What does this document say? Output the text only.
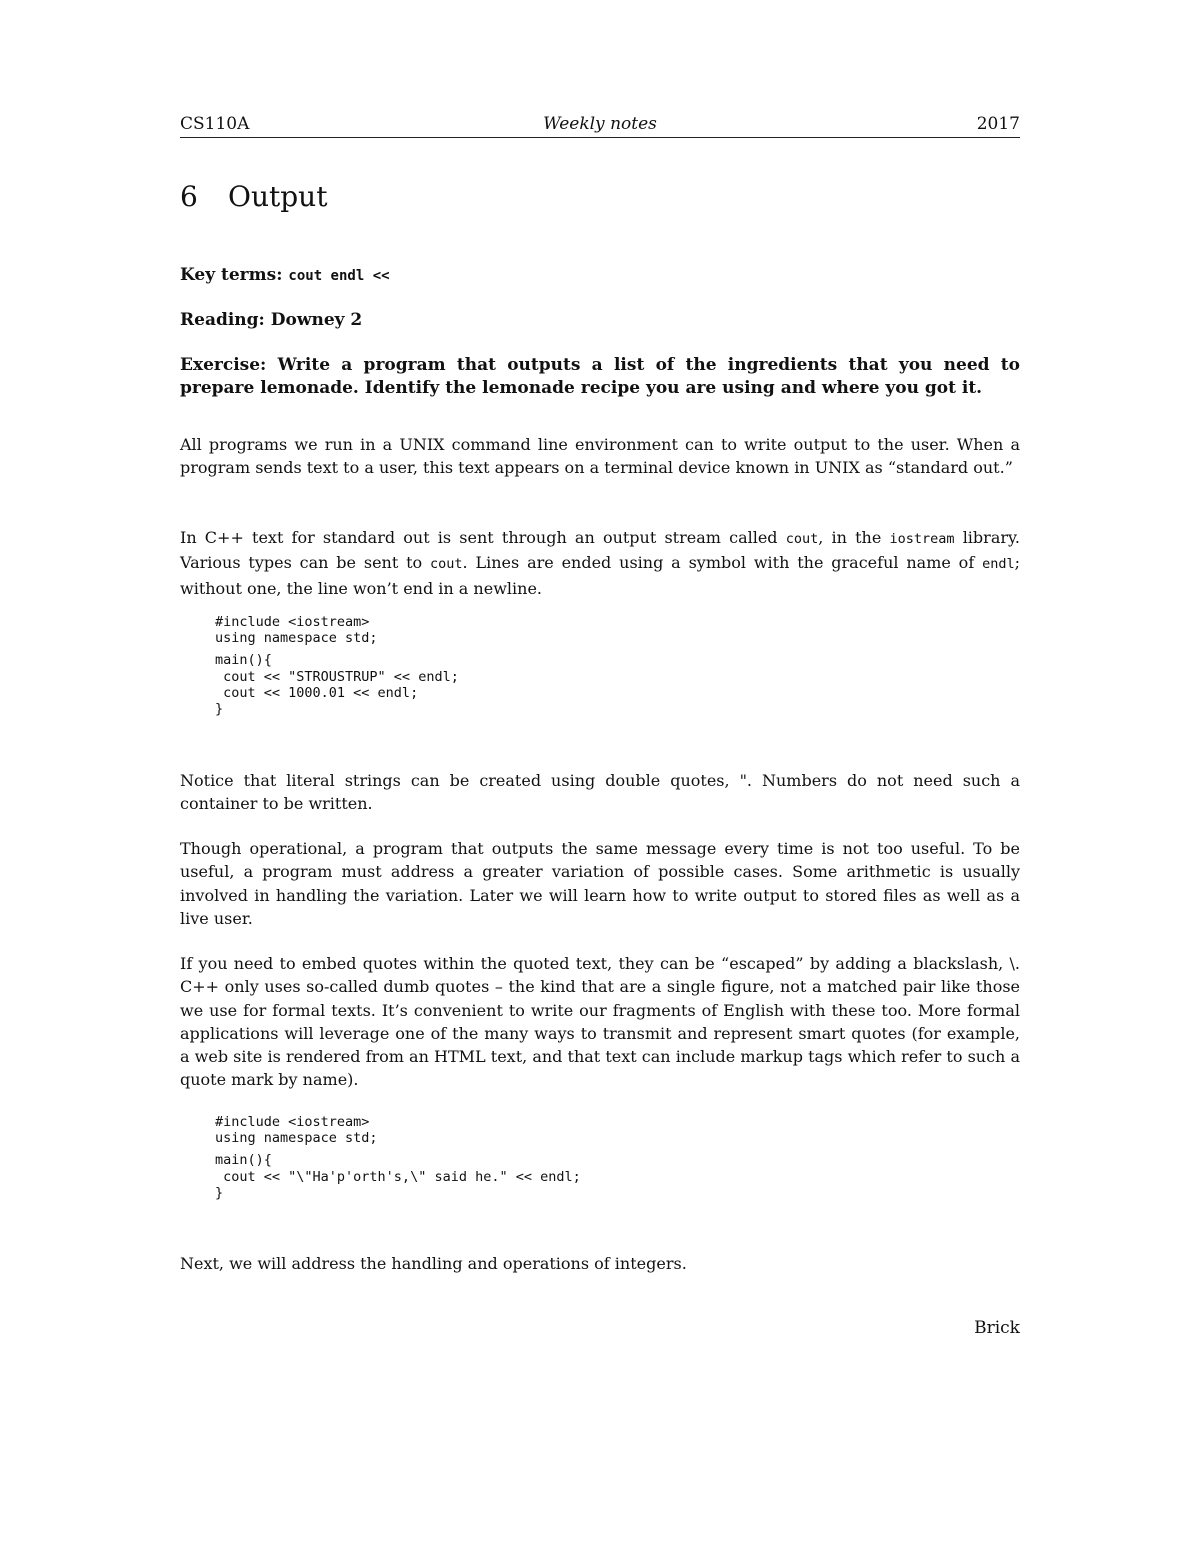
CS110A	Weekly notes	2017
6 Output

Key terms: cout endl <<

Reading: Downey 2

Exercise: Write a program that outputs a list of the ingredients that you need to prepare lemonade. Identify the lemonade recipe you are using and where you got it.

All programs we run in a UNIX command line environment can to write output to the user. When a program sends text to a user, this text appears on a terminal device known in UNIX as “standard out.”

In C++ text for standard out is sent through an output stream called cout, in the iostream library. Various types can be sent to cout. Lines are ended using a symbol with the graceful name of endl; without one, the line won’t end in a newline.

#include <iostream>
using namespace std;

main(){
cout << "STROUSTRUP" << endl;
cout << 1000.01 << endl;
}

Notice that literal strings can be created using double quotes, ". Numbers do not need such a container to be written.

Though operational, a program that outputs the same message every time is not too useful. To be useful, a program must address a greater variation of possible cases. Some arithmetic is usually involved in handling the variation. Later we will learn how to write output to stored files as well as a live user.

If you need to embed quotes within the quoted text, they can be “escaped” by adding a blackslash, \. C++ only uses so-called dumb quotes – the kind that are a single figure, not a matched pair like those we use for formal texts. It’s convenient to write our fragments of English with these too. More formal applications will leverage one of the many ways to transmit and represent smart quotes (for example, a web site is rendered from an HTML text, and that text can include markup tags which refer to such a quote mark by name).

#include <iostream>
using namespace std;

main(){
cout << "\"Ha'p'orth's,\" said he." << endl;
}

Next, we will address the handling and operations of integers.

Brick
